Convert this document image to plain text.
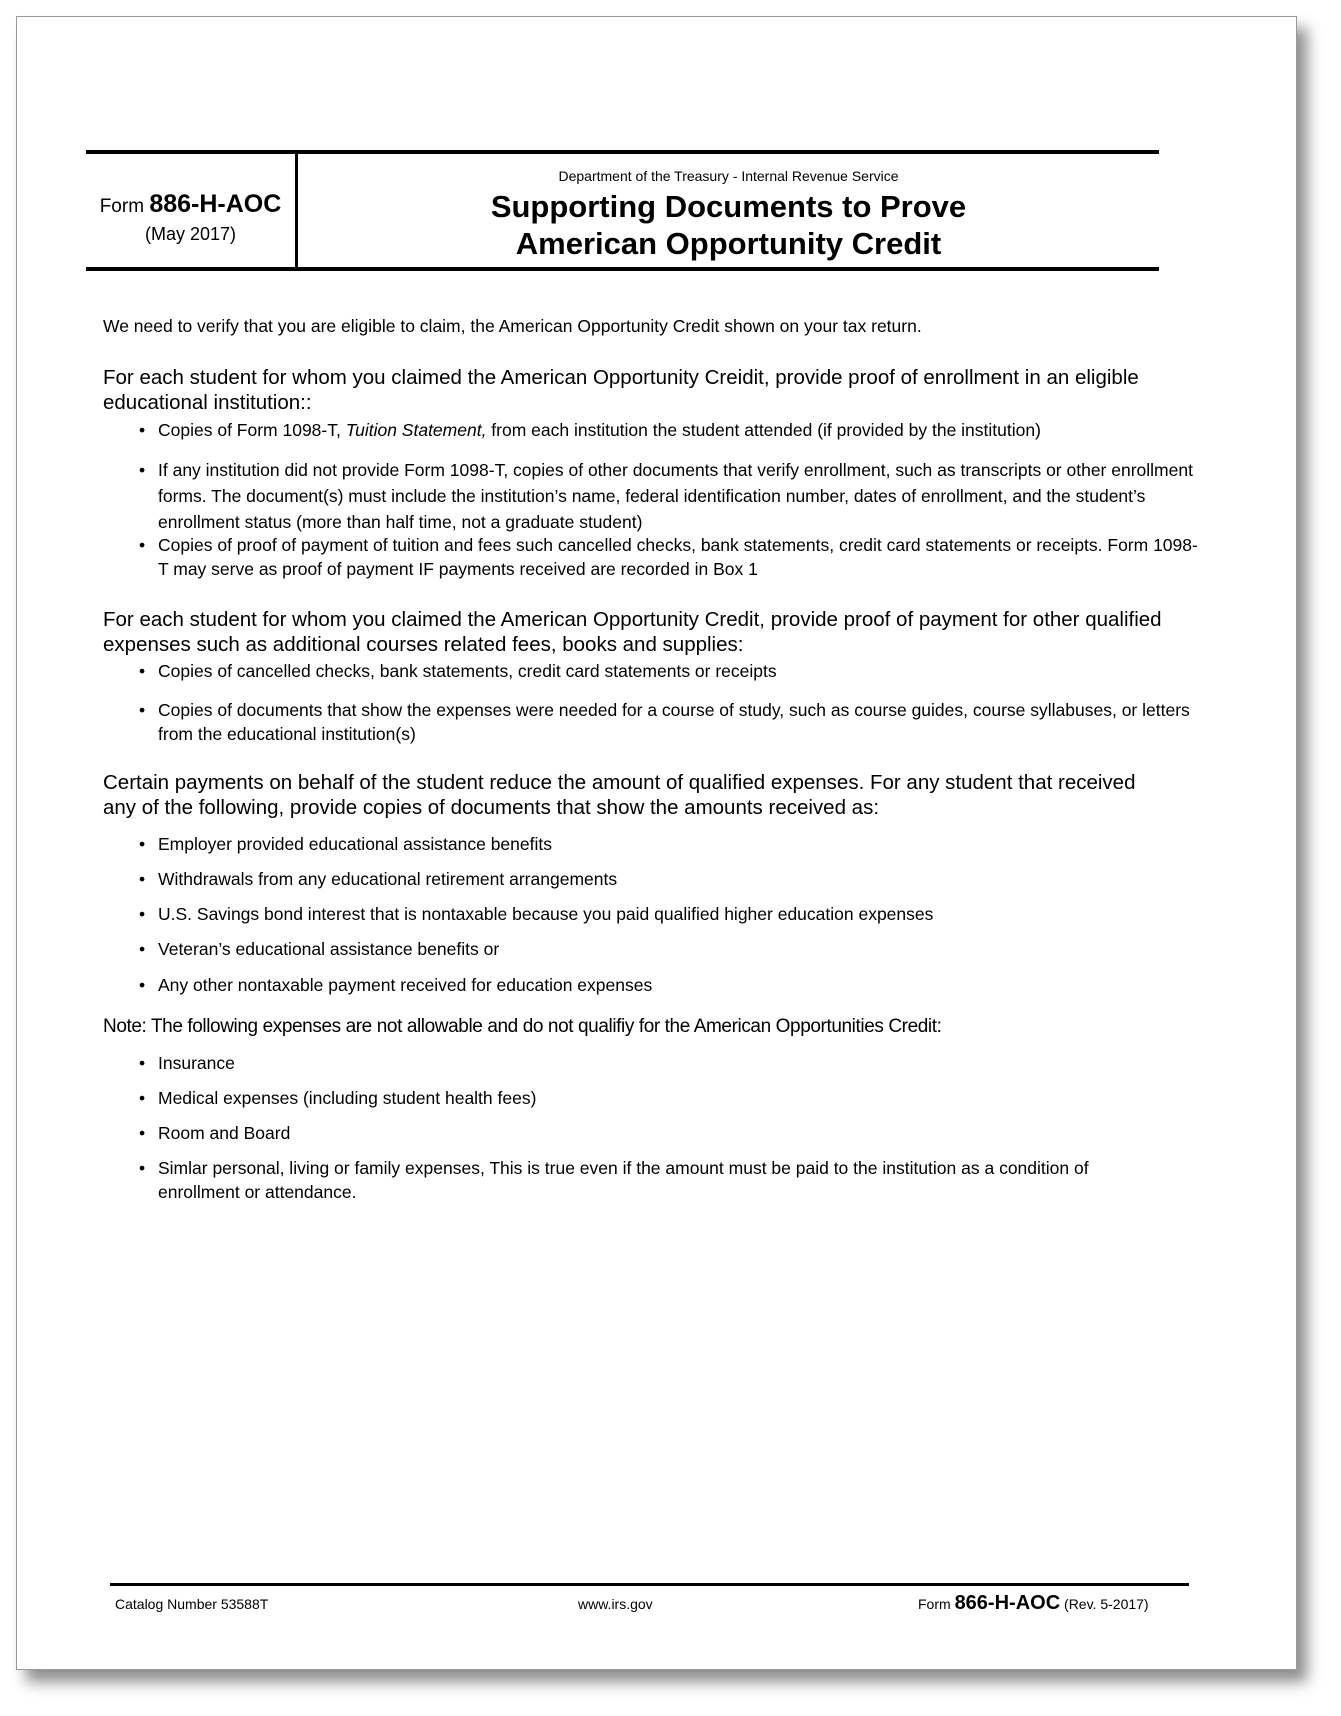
Form 886-H-AOC
(May 2017)
Department of the Treasury - Internal Revenue Service
Supporting Documents to Prove
American Opportunity Credit
We need to verify that you are eligible to claim, the American Opportunity Credit shown on your tax return.
For each student for whom you claimed the American Opportunity Creidit, provide proof of enrollment in an eligible educational institution::
• Copies of Form 1098-T, Tuition Statement, from each institution the student attended (if provided by the institution)
• If any institution did not provide Form 1098-T, copies of other documents that verify enrollment, such as transcripts or other enrollment forms. The document(s) must include the institution’s name, federal identification number, dates of enrollment, and the student’s enrollment status (more than half time, not a graduate student)
• Copies of proof of payment of tuition and fees such cancelled checks, bank statements, credit card statements or receipts. Form 1098-T may serve as proof of payment IF payments received are recorded in Box 1
For each student for whom you claimed the American Opportunity Credit, provide proof of payment for other qualified expenses such as additional courses related fees, books and supplies:
• Copies of cancelled checks, bank statements, credit card statements or receipts
• Copies of documents that show the expenses were needed for a course of study, such as course guides, course syllabuses, or letters from the educational institution(s)
Certain payments on behalf of the student reduce the amount of qualified expenses. For any student that received any of the following, provide copies of documents that show the amounts received as:
• Employer provided educational assistance benefits
• Withdrawals from any educational retirement arrangements
• U.S. Savings bond interest that is nontaxable because you paid qualified higher education expenses
• Veteran’s educational assistance benefits or
• Any other nontaxable payment received for education expenses
Note: The following expenses are not allowable and do not qualifiy for the American Opportunities Credit:
• Insurance
• Medical expenses (including student health fees)
• Room and Board
• Simlar personal, living or family expenses, This is true even if the amount must be paid to the institution as a condition of enrollment or attendance.
Catalog Number 53588T	www.irs.gov	Form 866-H-AOC (Rev. 5-2017)
